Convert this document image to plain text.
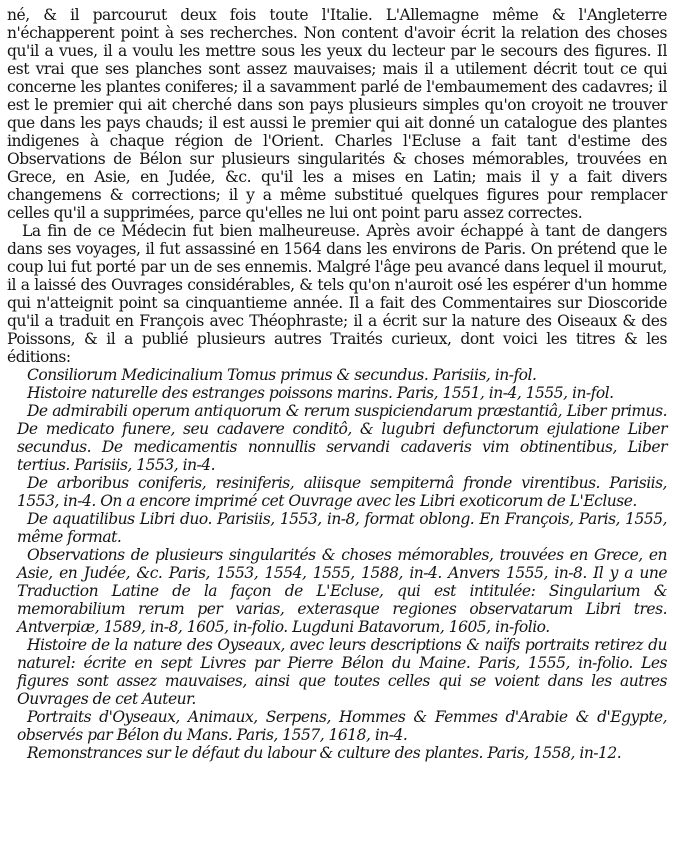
né, & il parcourut deux fois toute l'Italie. L'Allemagne même & l'Angleterre n'échapperent point à ses recherches. Non content d'avoir écrit la relation des choses qu'il a vues, il a voulu les mettre sous les yeux du lecteur par le secours des figures. Il est vrai que ses planches sont assez mauvaises; mais il a utilement décrit tout ce qui concerne les plantes coniferes; il a savamment parlé de l'embaumement des cadavres; il est le premier qui ait cherché dans son pays plusieurs simples qu'on croyoit ne trouver que dans les pays chauds; il est aussi le premier qui ait donné un catalogue des plantes indigenes à chaque région de l'Orient. Charles l'Ecluse a fait tant d'estime des Observations de Bélon sur plusieurs singularités & choses mémorables, trouvées en Grece, en Asie, en Judée, &c. qu'il les a mises en Latin; mais il y a fait divers changemens & corrections; il y a même substitué quelques figures pour remplacer celles qu'il a supprimées, parce qu'elles ne lui ont point paru assez correctes.

La fin de ce Médecin fut bien malheureuse. Après avoir échappé à tant de dangers dans ses voyages, il fut assassiné en 1564 dans les environs de Paris. On prétend que le coup lui fut porté par un de ses ennemis. Malgré l'âge peu avancé dans lequel il mourut, il a laissé des Ouvrages considérables, & tels qu'on n'auroit osé les espérer d'un homme qui n'atteignit point sa cinquantieme année. Il a fait des Commentaires sur Dioscoride qu'il a traduit en François avec Théophraste; il a écrit sur la nature des Oiseaux & des Poissons, & il a publié plusieurs autres Traités curieux, dont voici les titres & les éditions:

Consiliorum Medicinalium Tomus primus & secundus. Parisiis, in-fol.

Histoire naturelle des estranges poissons marins. Paris, 1551, in-4, 1555, in-fol.

De admirabili operum antiquorum & rerum suspiciendarum præstantiâ, Liber primus. De medicato funere, seu cadavere conditô, & lugubri defunctorum ejulatione Liber secundus. De medicamentis nonnullis servandi cadaveris vim obtinentibus, Liber tertius. Parisiis, 1553, in-4.

De arboribus coniferis, resiniferis, aliisque sempiternâ fronde virentibus. Parisiis, 1553, in-4. On a encore imprimé cet Ouvrage avec les Libri exoticorum de L'Ecluse.

De aquatilibus Libri duo. Parisiis, 1553, in-8, format oblong. En François, Paris, 1555, même format.

Observations de plusieurs singularités & choses mémorables, trouvées en Grece, en Asie, en Judée, &c. Paris, 1553, 1554, 1555, 1588, in-4. Anvers 1555, in-8. Il y a une Traduction Latine de la façon de L'Ecluse, qui est intitulée: Singularium & memorabilium rerum per varias, exterasque regiones observatarum Libri tres. Antverpiæ, 1589, in-8, 1605, in-folio. Lugduni Batavorum, 1605, in-folio.

Histoire de la nature des Oyseaux, avec leurs descriptions & naïfs portraits retirez du naturel: écrite en sept Livres par Pierre Bélon du Maine. Paris, 1555, in-folio. Les figures sont assez mauvaises, ainsi que toutes celles qui se voient dans les autres Ouvrages de cet Auteur.

Portraits d'Oyseaux, Animaux, Serpens, Hommes & Femmes d'Arabie & d'Egypte, observés par Bélon du Mans. Paris, 1557, 1618, in-4.

Remonstrances sur le défaut du labour & culture des plantes. Paris, 1558, in-12.
